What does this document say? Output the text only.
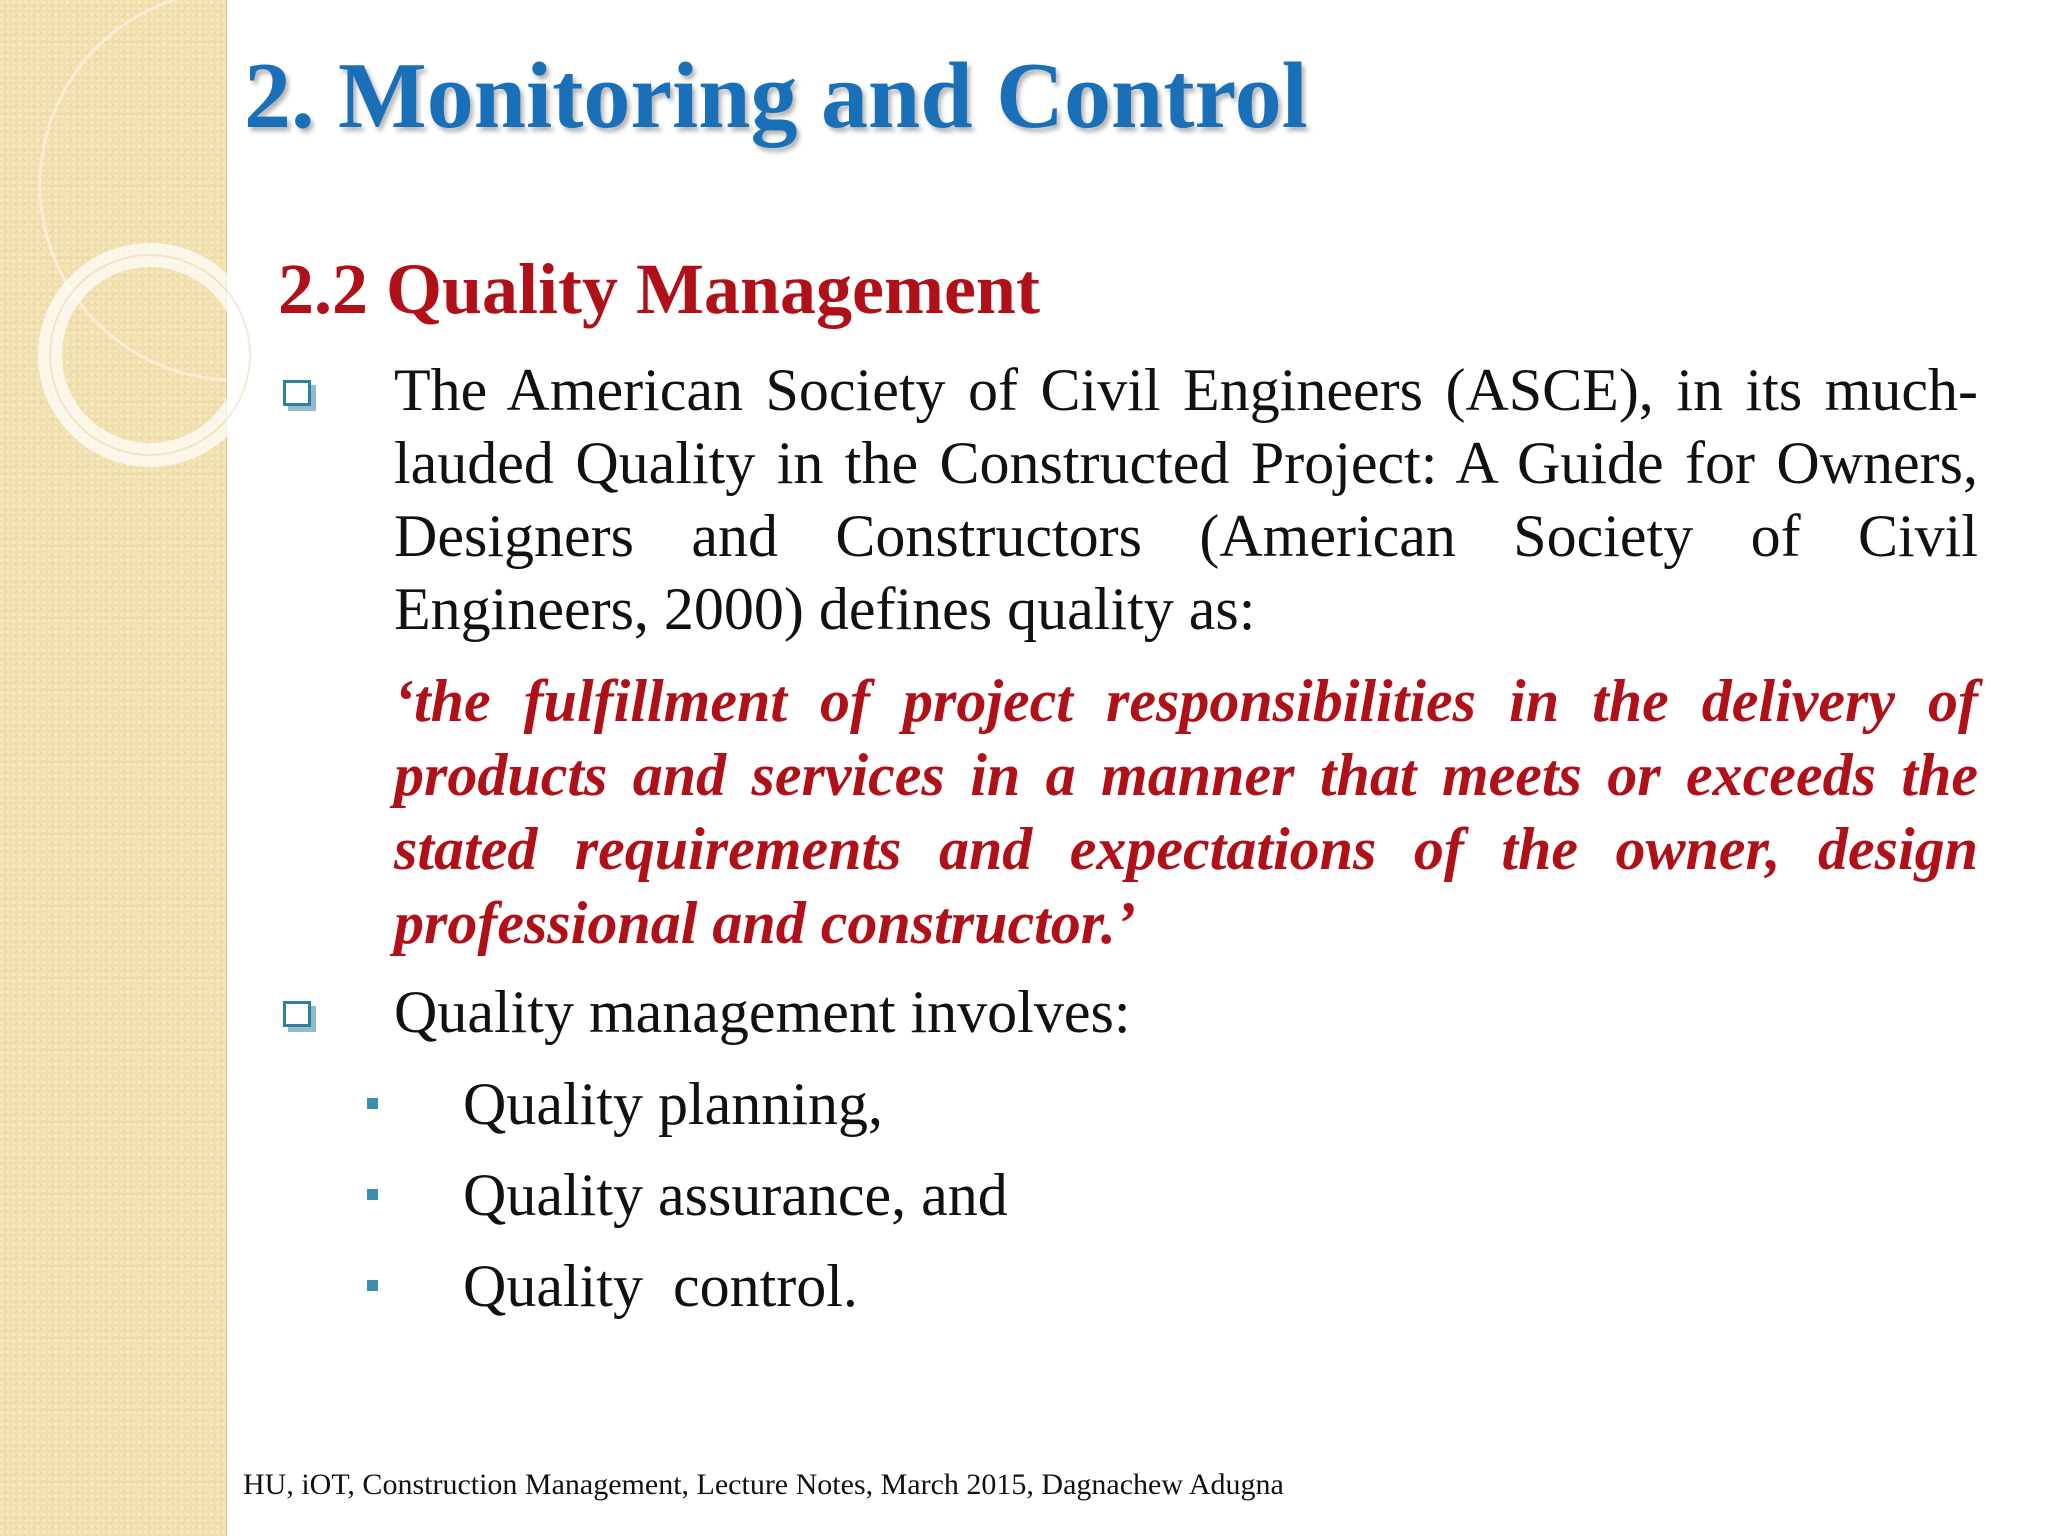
2. Monitoring and Control
2.2 Quality Management

The American Society of Civil Engineers (ASCE), in its much-lauded Quality in the Constructed Project: A Guide for Owners, Designers and Constructors (American Society of Civil Engineers, 2000) defines quality as:

‘the fulfillment of project responsibilities in the delivery of products and services in a manner that meets or exceeds the stated requirements and expectations of the owner, design professional and constructor.’

Quality management involves:

Quality planning,

Quality assurance, and

Quality  control.

HU, iOT, Construction Management, Lecture Notes, March 2015, Dagnachew Adugna
